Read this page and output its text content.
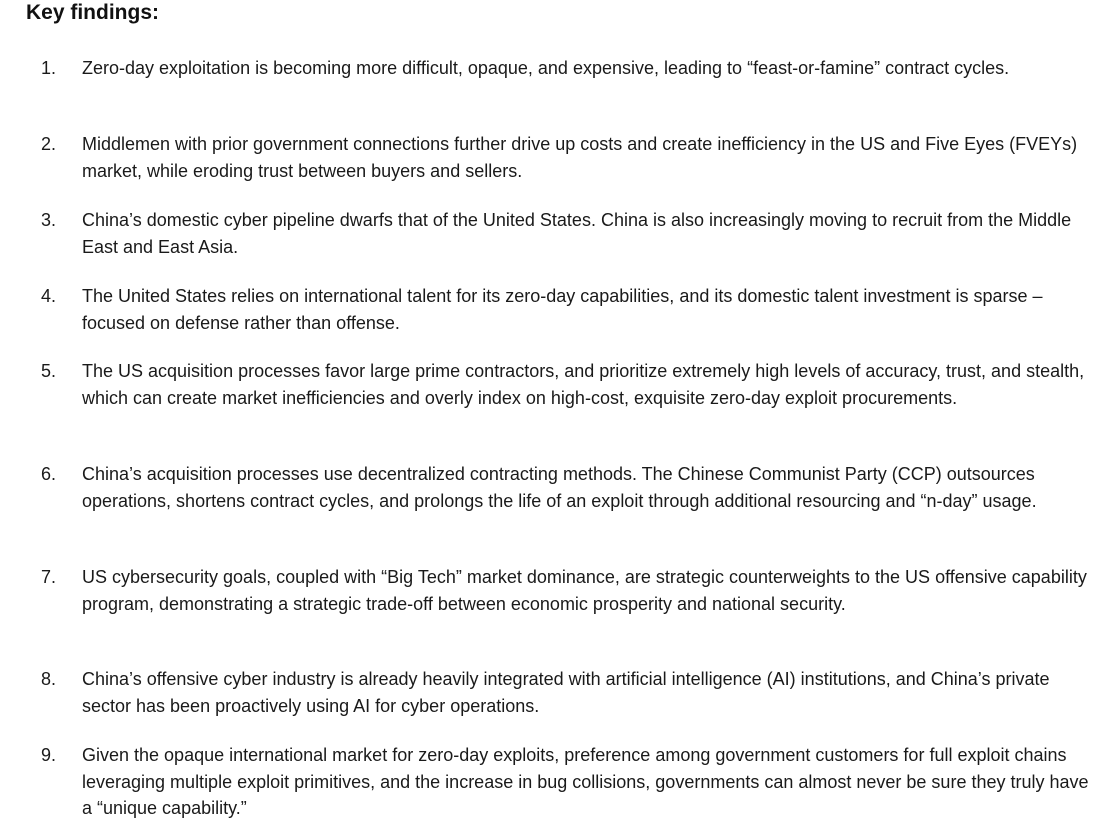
Key findings:
1. Zero-day exploitation is becoming more difficult, opaque, and expensive, leading to “feast-or-famine” contract cycles.
2. Middlemen with prior government connections further drive up costs and create inefficiency in the US and Five Eyes (FVEYs) market, while eroding trust between buyers and sellers.
3. China’s domestic cyber pipeline dwarfs that of the United States. China is also increasingly moving to recruit from the Middle East and East Asia.
4. The United States relies on international talent for its zero-day capabilities, and its domestic talent investment is sparse – focused on defense rather than offense.
5. The US acquisition processes favor large prime contractors, and prioritize extremely high levels of accuracy, trust, and stealth, which can create market inefficiencies and overly index on high-cost, exquisite zero-day exploit procurements.
6. China’s acquisition processes use decentralized contracting methods. The Chinese Communist Party (CCP) outsources operations, shortens contract cycles, and prolongs the life of an exploit through additional resourcing and “n-day” usage.
7. US cybersecurity goals, coupled with “Big Tech” market dominance, are strategic counterweights to the US offensive capability program, demonstrating a strategic trade-off between economic prosperity and national security.
8. China’s offensive cyber industry is already heavily integrated with artificial intelligence (AI) institutions, and China’s private sector has been proactively using AI for cyber operations.
9. Given the opaque international market for zero-day exploits, preference among government customers for full exploit chains leveraging multiple exploit primitives, and the increase in bug collisions, governments can almost never be sure they truly have a “unique capability.”
